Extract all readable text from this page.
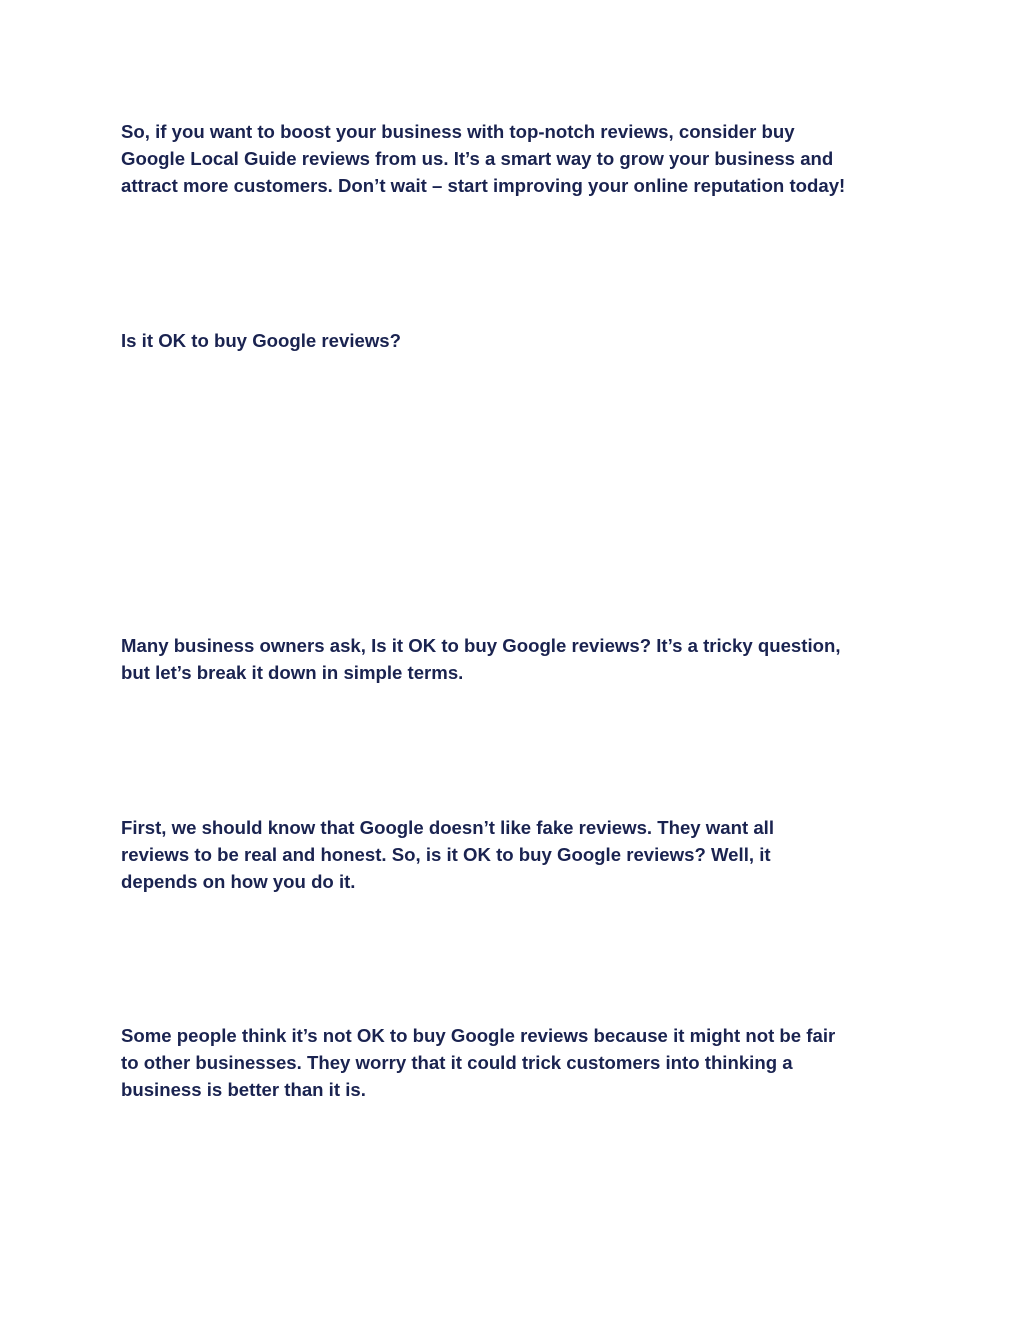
So, if you want to boost your business with top-notch reviews, consider buy
Google Local Guide reviews from us. It’s a smart way to grow your business and
attract more customers. Don’t wait – start improving your online reputation today!

Is it OK to buy Google reviews?

Many business owners ask, Is it OK to buy Google reviews? It’s a tricky question,
but let’s break it down in simple terms.

First, we should know that Google doesn’t like fake reviews. They want all
reviews to be real and honest. So, is it OK to buy Google reviews? Well, it
depends on how you do it.

Some people think it’s not OK to buy Google reviews because it might not be fair
to other businesses. They worry that it could trick customers into thinking a
business is better than it is.
